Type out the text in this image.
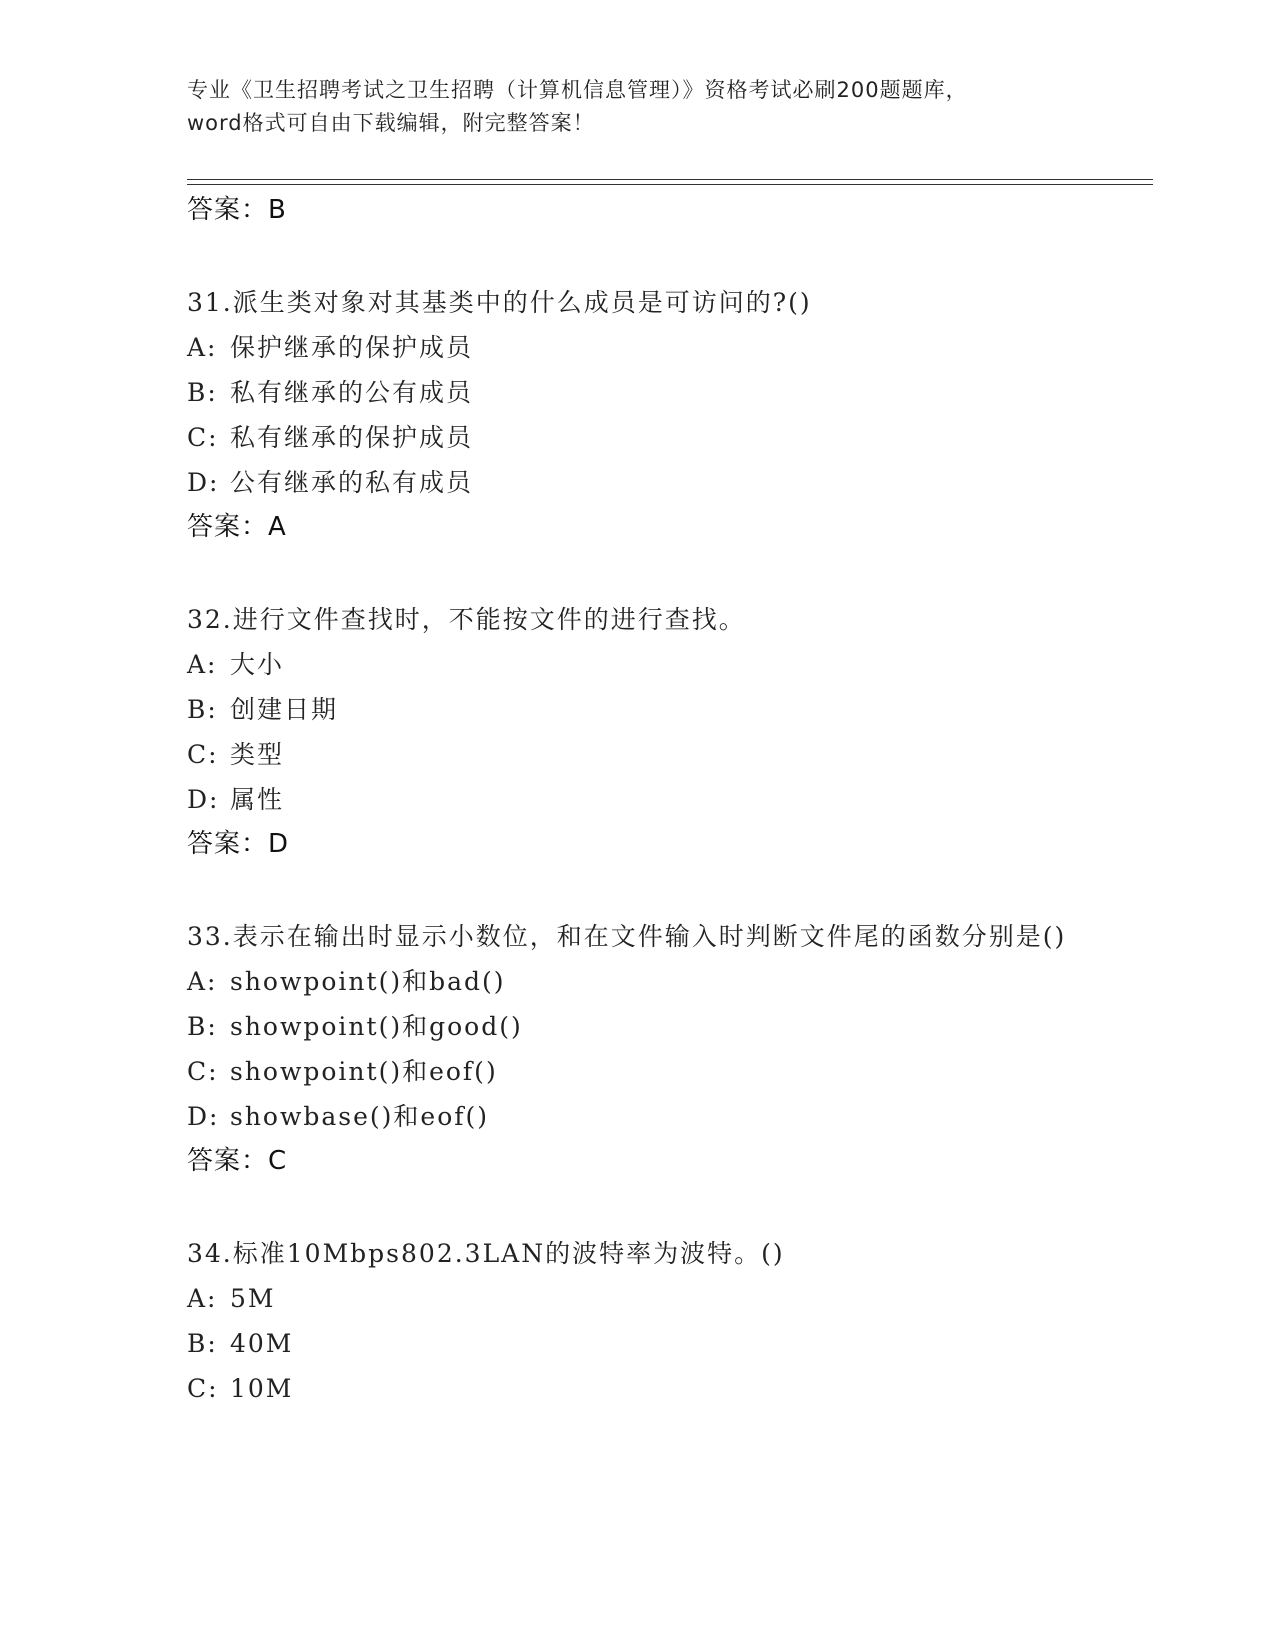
专业《卫生招聘考试之卫生招聘（计算机信息管理）》资格考试必刷200题题库，
word格式可自由下载编辑，附完整答案！
答案：B
31.派生类对象对其基类中的什么成员是可访问的?()
A: 保护继承的保护成员
B: 私有继承的公有成员
C: 私有继承的保护成员
D: 公有继承的私有成员
答案：A
32.进行文件查找时，不能按文件的进行查找。
A: 大小
B: 创建日期
C: 类型
D: 属性
答案：D
33.表示在输出时显示小数位，和在文件输入时判断文件尾的函数分别是()
A: showpoint()和bad()
B: showpoint()和good()
C: showpoint()和eof()
D: showbase()和eof()
答案：C
34.标准10Mbps802.3LAN的波特率为波特。()
A: 5M
B: 40M
C: 10M
